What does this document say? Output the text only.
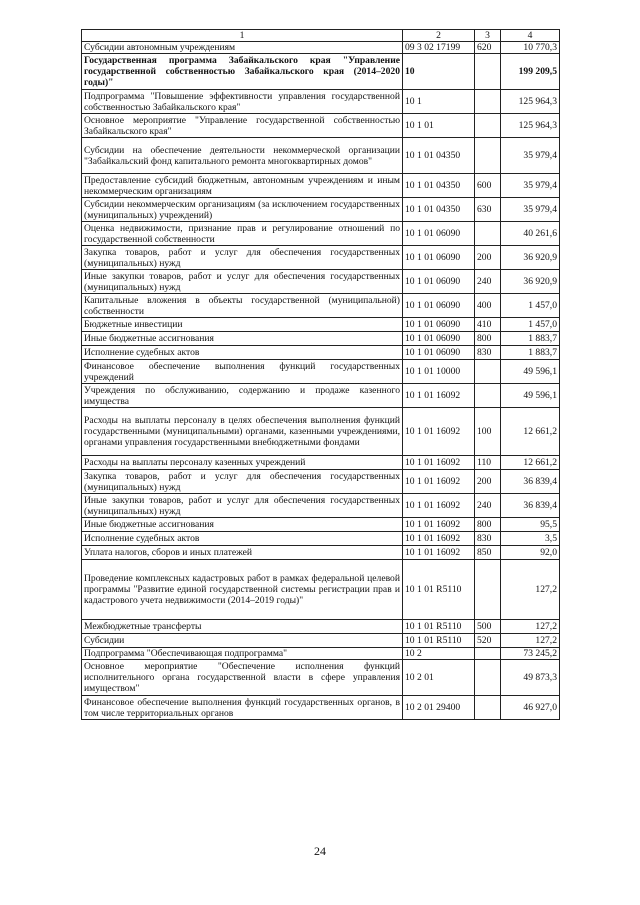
1	2	3	4
Субсидии автономным учреждениям	09 3 02 17199	620	10 770,3
Государственная программа Забайкальского края "Управление государственной собственностью Забайкальского края (2014–2020 годы)"	10		199 209,5
Подпрограмма "Повышение эффективности управления государственной собственностью Забайкальского края"	10 1		125 964,3
Основное мероприятие "Управление государственной собственностью Забайкальского края"	10 1 01		125 964,3
Субсидии на обеспечение деятельности некоммерческой организации "Забайкальский фонд капитального ремонта многоквартирных домов"	10 1 01 04350		35 979,4
Предоставление субсидий бюджетным, автономным учреждениям и иным некоммерческим организациям	10 1 01 04350	600	35 979,4
Субсидии некоммерческим организациям (за исключением государственных (муниципальных) учреждений)	10 1 01 04350	630	35 979,4
Оценка недвижимости, признание прав и регулирование отношений по государственной собственности	10 1 01 06090		40 261,6
Закупка товаров, работ и услуг для обеспечения государственных (муниципальных) нужд	10 1 01 06090	200	36 920,9
Иные закупки товаров, работ и услуг для обеспечения государственных (муниципальных) нужд	10 1 01 06090	240	36 920,9
Капитальные вложения в объекты государственной (муниципальной) собственности	10 1 01 06090	400	1 457,0
Бюджетные инвестиции	10 1 01 06090	410	1 457,0
Иные бюджетные ассигнования	10 1 01 06090	800	1 883,7
Исполнение судебных актов	10 1 01 06090	830	1 883,7
Финансовое обеспечение выполнения функций государственных учреждений	10 1 01 10000		49 596,1
Учреждения по обслуживанию, содержанию и продаже казенного имущества	10 1 01 16092		49 596,1
Расходы на выплаты персоналу в целях обеспечения выполнения функций государственными (муниципальными) органами, казенными учреждениями, органами управления государственными внебюджетными фондами	10 1 01 16092	100	12 661,2
Расходы на выплаты персоналу казенных учреждений	10 1 01 16092	110	12 661,2
Закупка товаров, работ и услуг для обеспечения государственных (муниципальных) нужд	10 1 01 16092	200	36 839,4
Иные закупки товаров, работ и услуг для обеспечения государственных (муниципальных) нужд	10 1 01 16092	240	36 839,4
Иные бюджетные ассигнования	10 1 01 16092	800	95,5
Исполнение судебных актов	10 1 01 16092	830	3,5
Уплата налогов, сборов и иных платежей	10 1 01 16092	850	92,0
Проведение комплексных кадастровых работ в рамках федеральной целевой программы "Развитие единой государственной системы регистрации прав и кадастрового учета недвижимости (2014–2019 годы)"	10 1 01 R5110		127,2
Межбюджетные трансферты	10 1 01 R5110	500	127,2
Субсидии	10 1 01 R5110	520	127,2
Подпрограмма "Обеспечивающая подпрограмма"	10 2		73 245,2
Основное мероприятие "Обеспечение исполнения функций исполнительного органа государственной власти в сфере управления имуществом"	10 2 01		49 873,3
Финансовое обеспечение выполнения функций государственных органов, в том числе территориальных органов	10 2 01 29400		46 927,0
24
